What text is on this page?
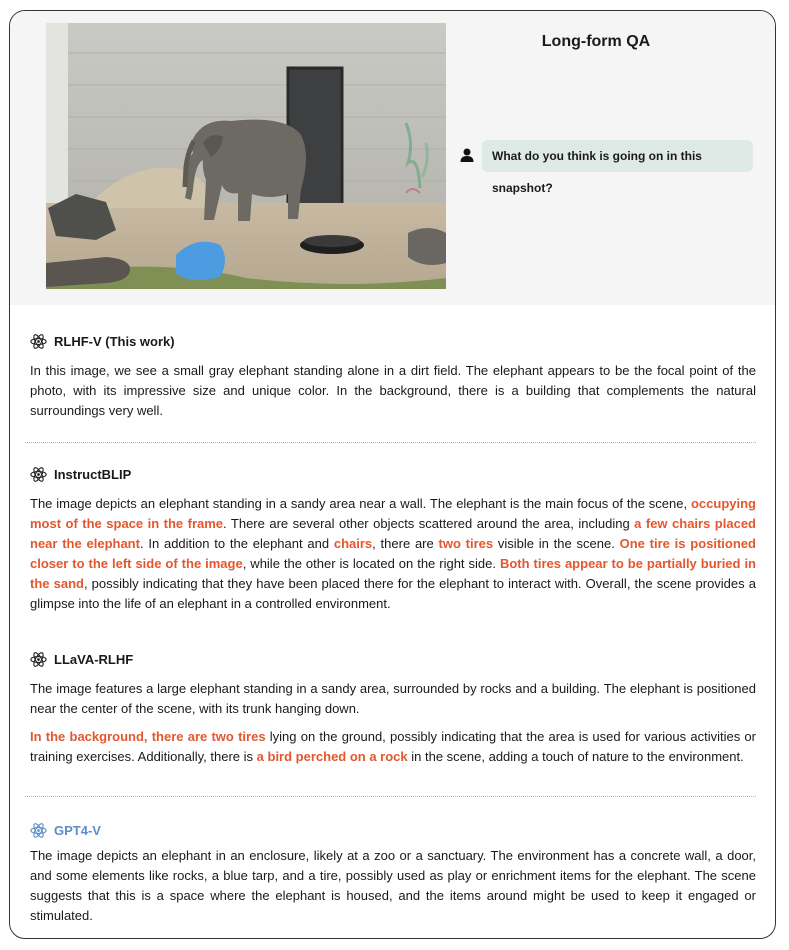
Long-form QA
What do you think is going on in this snapshot?
RLHF-V (This work)

In this image, we see a small gray elephant standing alone in a dirt field. The elephant appears to be the focal point of the photo, with its impressive size and unique color. In the background, there is a building that complements the natural surroundings very well.

InstructBLIP

The image depicts an elephant standing in a sandy area near a wall. The elephant is the main focus of the scene, occupying most of the space in the frame. There are several other objects scattered around the area, including a few chairs placed near the elephant. In addition to the elephant and chairs, there are two tires visible in the scene. One tire is positioned closer to the left side of the image, while the other is located on the right side. Both tires appear to be partially buried in the sand, possibly indicating that they have been placed there for the elephant to interact with. Overall, the scene provides a glimpse into the life of an elephant in a controlled environment.

LLaVA-RLHF

The image features a large elephant standing in a sandy area, surrounded by rocks and a building. The elephant is positioned near the center of the scene, with its trunk hanging down.

In the background, there are two tires lying on the ground, possibly indicating that the area is used for various activities or training exercises. Additionally, there is a bird perched on a rock in the scene, adding a touch of nature to the environment.

GPT4-V

The image depicts an elephant in an enclosure, likely at a zoo or a sanctuary. The environment has a concrete wall, a door, and some elements like rocks, a blue tarp, and a tire, possibly used as play or enrichment items for the elephant. The scene suggests that this is a space where the elephant is housed, and the items around might be used to keep it engaged or stimulated.
